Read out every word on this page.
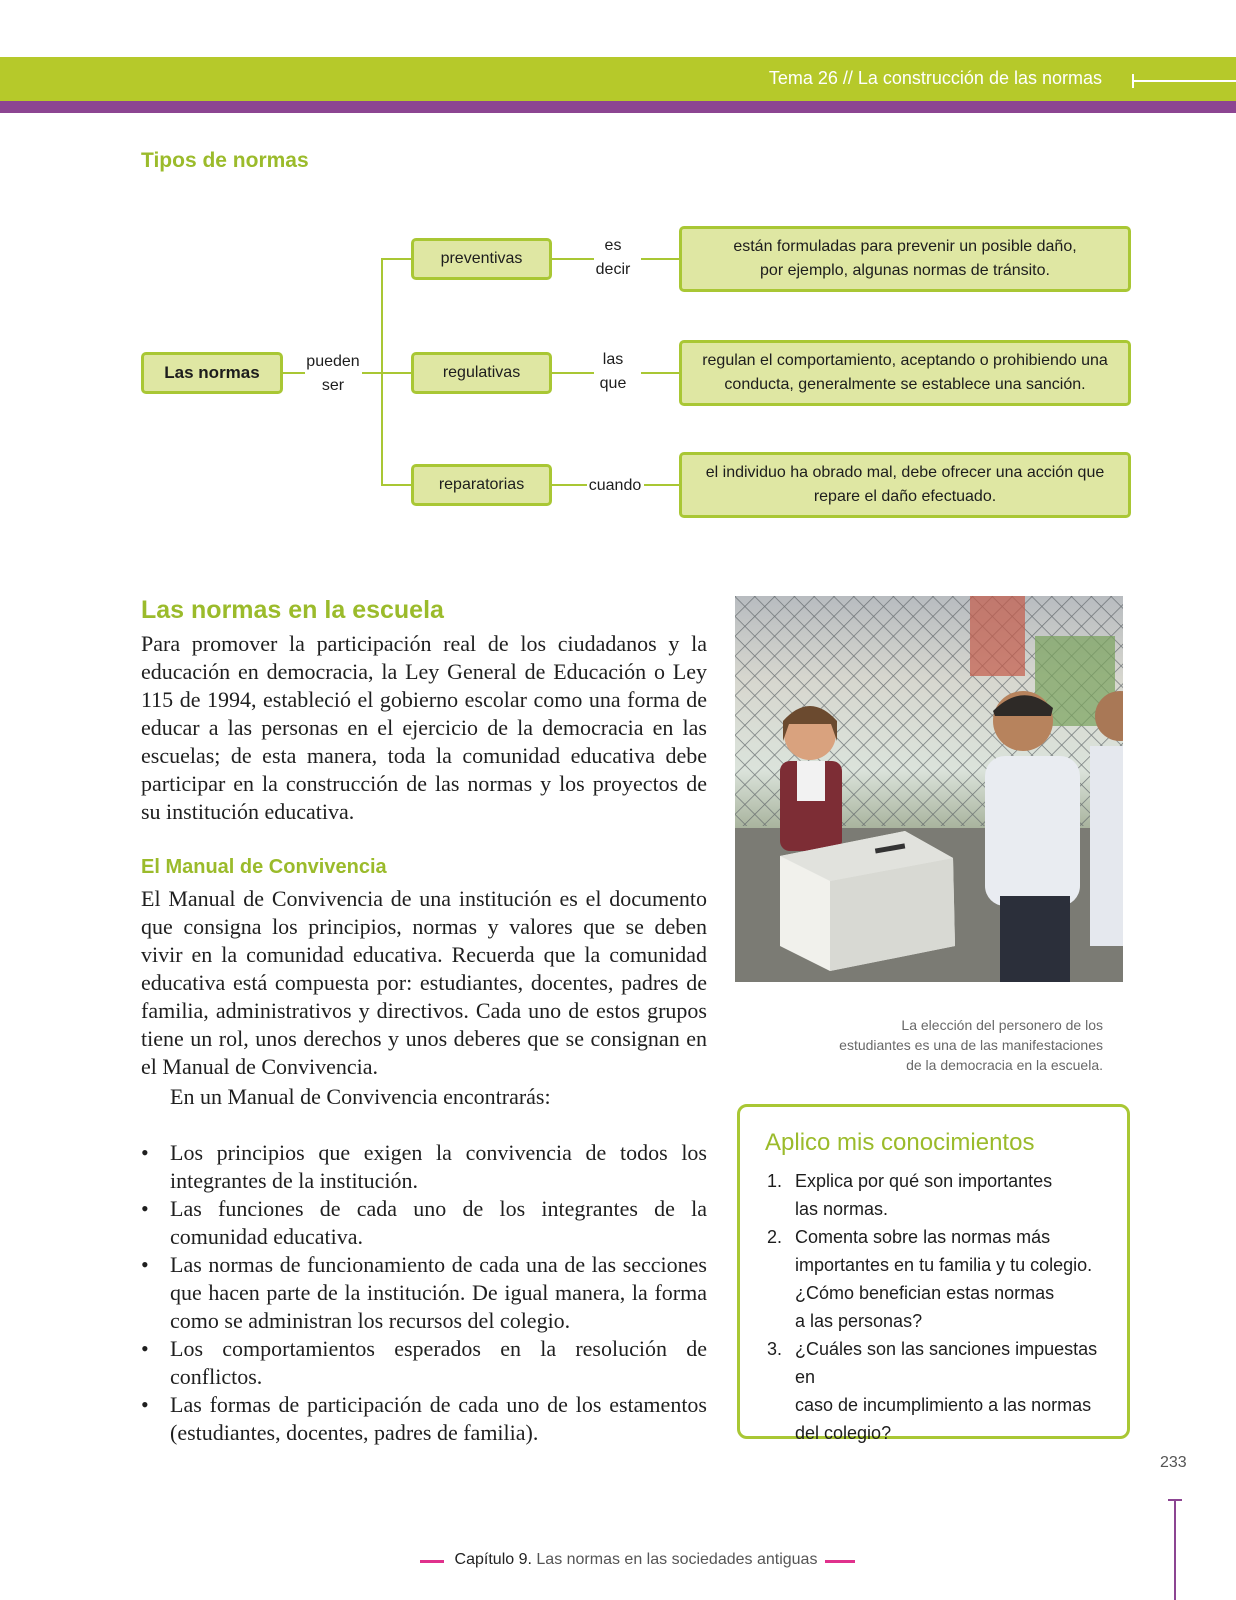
Tema 26 // La construcción de las normas
Tipos de normas
Las normas
pueden
ser
preventivas
es
decir
están formuladas para prevenir un posible daño,
por ejemplo, algunas normas de tránsito.
regulativas
las
que
regulan el comportamiento, aceptando o prohibiendo una
conducta, generalmente se establece una sanción.
reparatorias	cuando
el individuo ha obrado mal, debe ofrecer una acción que
repare el daño efectuado.
Las normas en la escuela

Para promover la participación real de los ciudadanos y la educación en democracia, la Ley General de Educación o Ley 115 de 1994, estableció el gobierno escolar como una forma de educar a las personas en el ejercicio de la democracia en las escuelas; de esta manera, toda la comunidad educativa debe participar en la construcción de las normas y los proyectos de su institución educativa.

El Manual de Convivencia

El Manual de Convivencia de una institución es el documento que consigna los principios, normas y valores que se deben vivir en la comunidad educativa. Recuerda que la comunidad educativa está compuesta por: estudiantes, docentes, padres de familia, administrativos y directivos. Cada uno de estos grupos tiene un rol, unos derechos y unos deberes que se consignan en el Manual de Convivencia.

En un Manual de Convivencia encontrarás:

• Los principios que exigen la convivencia de todos los integrantes de la institución.
• Las funciones de cada uno de los integrantes de la comunidad educativa.
• Las normas de funcionamiento de cada una de las secciones que hacen parte de la institución. De igual manera, la forma como se administran los recursos del colegio.
• Los comportamientos esperados en la resolución de conflictos.
• Las formas de participación de cada uno de los estamentos (estudiantes, docentes, padres de familia).
La elección del personero de los
estudiantes es una de las manifestaciones
de la democracia en la escuela.
Aplico mis conocimientos
1. Explica por qué son importantes
las normas.
2. Comenta sobre las normas más
importantes en tu familia y tu colegio.
¿Cómo benefician estas normas
a las personas?
3. ¿Cuáles son las sanciones impuestas en
caso de incumplimiento a las normas
del colegio?
233
Capítulo 9. Las normas en las sociedades antiguas
